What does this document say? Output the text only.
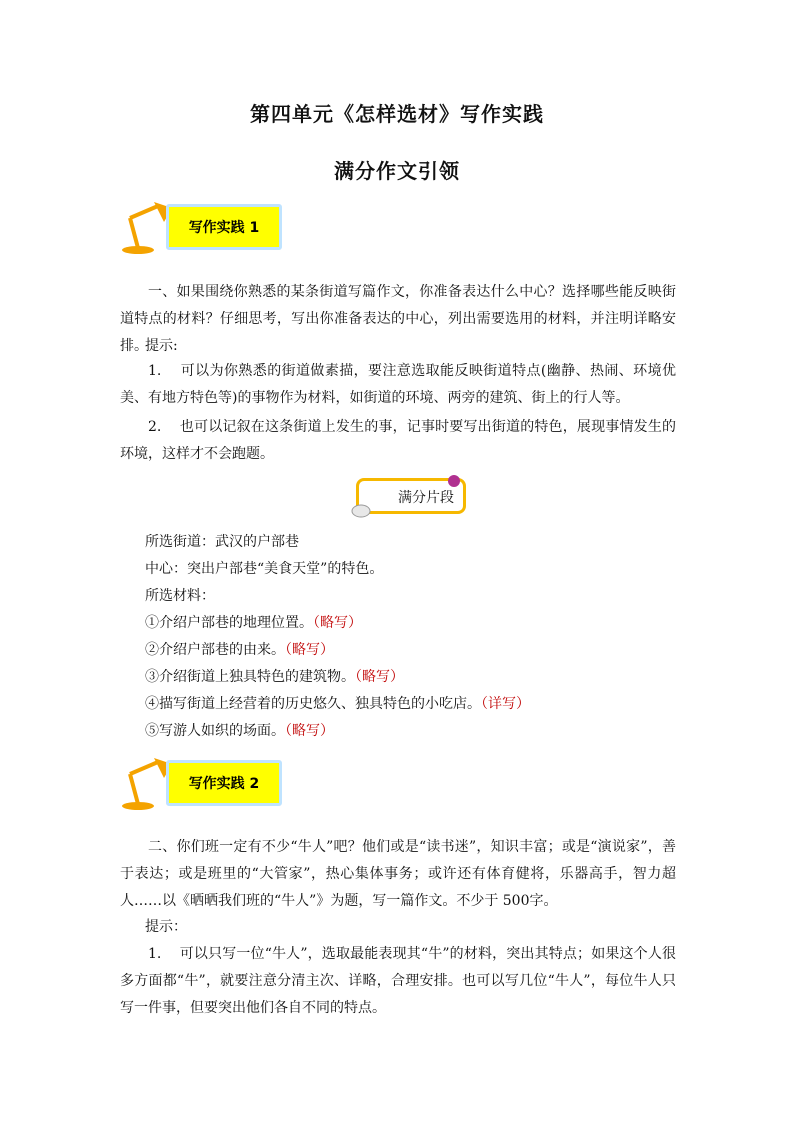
第四单元《怎样选材》写作实践
满分作文引领
写作实践 1
一、如果围绕你熟悉的某条街道写篇作文，你准备表达什么中心？选择哪些能反映街道特点的材料？仔细思考，写出你准备表达的中心，列出需要选用的材料，并注明详略安排。
提示:
1. 可以为你熟悉的街道做素描，要注意选取能反映街道特点(幽静、热闹、环境优美、有地方特色等)的事物作为材料，如街道的环境、两旁的建筑、街上的行人等。
2. 也可以记叙在这条街道上发生的事，记事时要写出街道的特色，展现事情发生的环境，这样才不会跑题。
满分片段
所选街道：武汉的户部巷
中心：突出户部巷“美食天堂”的特色。
所选材料：
①介绍户部巷的地理位置。（略写）
②介绍户部巷的由来。（略写）
③介绍街道上独具特色的建筑物。（略写）
④描写街道上经营着的历史悠久、独具特色的小吃店。（详写）
⑤写游人如织的场面。（略写）
写作实践 2
二、你们班一定有不少“牛人”吧？他们或是“读书迷”，知识丰富；或是“演说家”，善于表达；或是班里的“大管家”，热心集体事务；或许还有体育健将，乐器高手，智力超人……以《晒晒我们班的“牛人”》为题，写一篇作文。不少于 500字。
提示：
1. 可以只写一位“牛人”，选取最能表现其“牛”的材料，突出其特点；如果这个人很多方面都“牛”，就要注意分清主次、详略，合理安排。也可以写几位“牛人”，每位牛人只写一件事，但要突出他们各自不同的特点。
